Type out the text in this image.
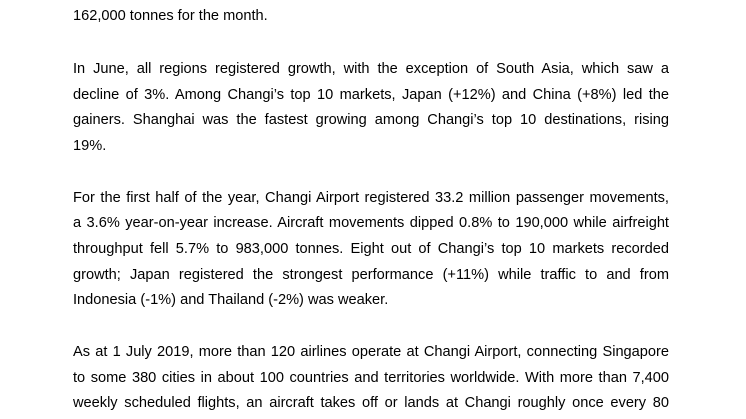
162,000 tonnes for the month.
In June, all regions registered growth, with the exception of South Asia, which saw a
decline of 3%. Among Changi’s top 10 markets, Japan (+12%) and China (+8%) led the
gainers. Shanghai was the fastest growing among Changi’s top 10 destinations, rising
19%.
For the first half of the year, Changi Airport registered 33.2 million passenger movements,
a 3.6% year-on-year increase. Aircraft movements dipped 0.8% to 190,000 while airfreight
throughput fell 5.7% to 983,000 tonnes. Eight out of Changi’s top 10 markets recorded
growth; Japan registered the strongest performance (+11%) while traffic to and from
Indonesia (-1%) and Thailand (-2%) was weaker.
As at 1 July 2019, more than 120 airlines operate at Changi Airport, connecting Singapore
to some 380 cities in about 100 countries and territories worldwide. With more than 7,400
weekly scheduled flights, an aircraft takes off or lands at Changi roughly once every 80
